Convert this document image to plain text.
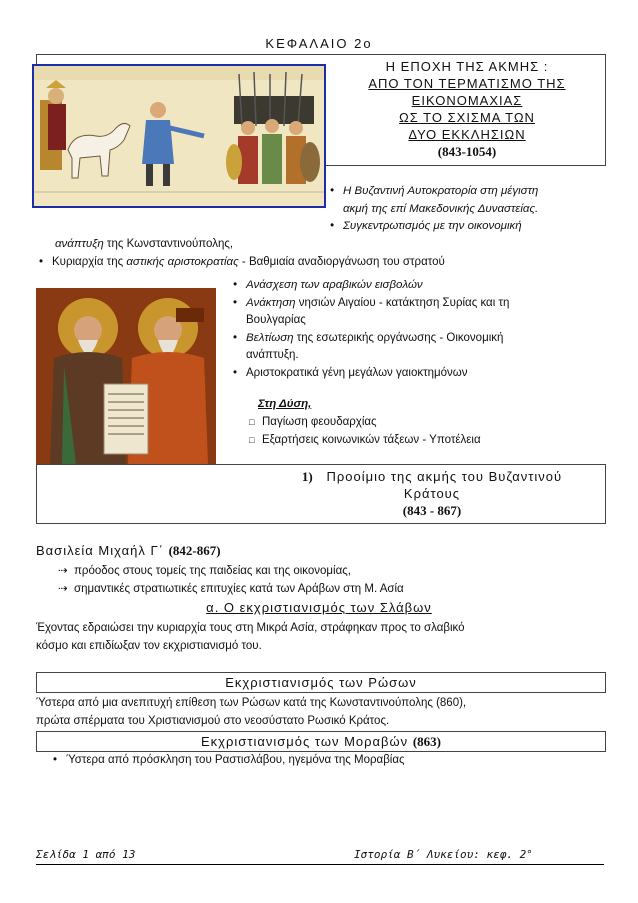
ΚΕΦΑΛΑΙΟ 2ο
Η ΕΠΟΧΗ ΤΗΣ ΑΚΜΗΣ :
ΑΠΟ ΤΟΝ ΤΕΡΜΑΤΙΣΜΟ ΤΗΣ
ΕΙΚΟΝΟΜΑΧΙΑΣ
ΩΣ ΤΟ ΣΧΙΣΜΑ ΤΩΝ
ΔΥΟ ΕΚΚΛΗΣΙΩΝ
(843-1054)
• Η Βυζαντινή Αυτοκρατορία στη μέγιστη
ακμή της επί Μακεδονικής Δυναστείας.
• Συγκεντρωτισμός με την οικονομική
ανάπτυξη της Κωνσταντινούπολης,
• Κυριαρχία της αστικής αριστοκρατίας - Βαθμιαία αναδιοργάνωση του στρατού
• Ανάσχεση των αραβικών εισβολών
• Ανάκτηση νησιών Αιγαίου - κατάκτηση Συρίας και τη
Βουλγαρίας
• Βελτίωση της εσωτερικής οργάνωσης - Οικονομική
ανάπτυξη.
• Αριστοκρατικά γένη μεγάλων γαιοκτημόνων
Στη Δύση,
□ Παγίωση φεουδαρχίας
□ Εξαρτήσεις κοινωνικών τάξεων - Υποτέλεια
1) Προοίμιο της ακμής του Βυζαντινού
Κράτους
(843 - 867)
Βασιλεία Μιχαήλ Γ΄ (842-867)
⇢ πρόοδος στους τομείς της παιδείας και της οικονομίας,
⇢ σημαντικές στρατιωτικές επιτυχίες κατά των Αράβων στη Μ. Ασία
α. Ο εκχριστιανισμός των Σλάβων
Έχοντας εδραιώσει την κυριαρχία τους στη Μικρά Ασία, στράφηκαν προς το σλαβικό
κόσμο και επιδίωξαν τον εκχριστιανισμό του.
Εκχριστιανισμός των Ρώσων
Ύστερα από μια ανεπιτυχή επίθεση των Ρώσων κατά της Κωνσταντινούπολης (860),
πρώτα σπέρματα του Χριστιανισμού στο νεοσύστατο Ρωσικό Κράτος.
Εκχριστιανισμός των Μοραβών (863)
• Ύστερα από πρόσκληση του Ραστισλάβου, ηγεμόνα της Μοραβίας
Σελίδα 1 από 13	Ιστορία Β΄ Λυκείου: κεφ. 2°
